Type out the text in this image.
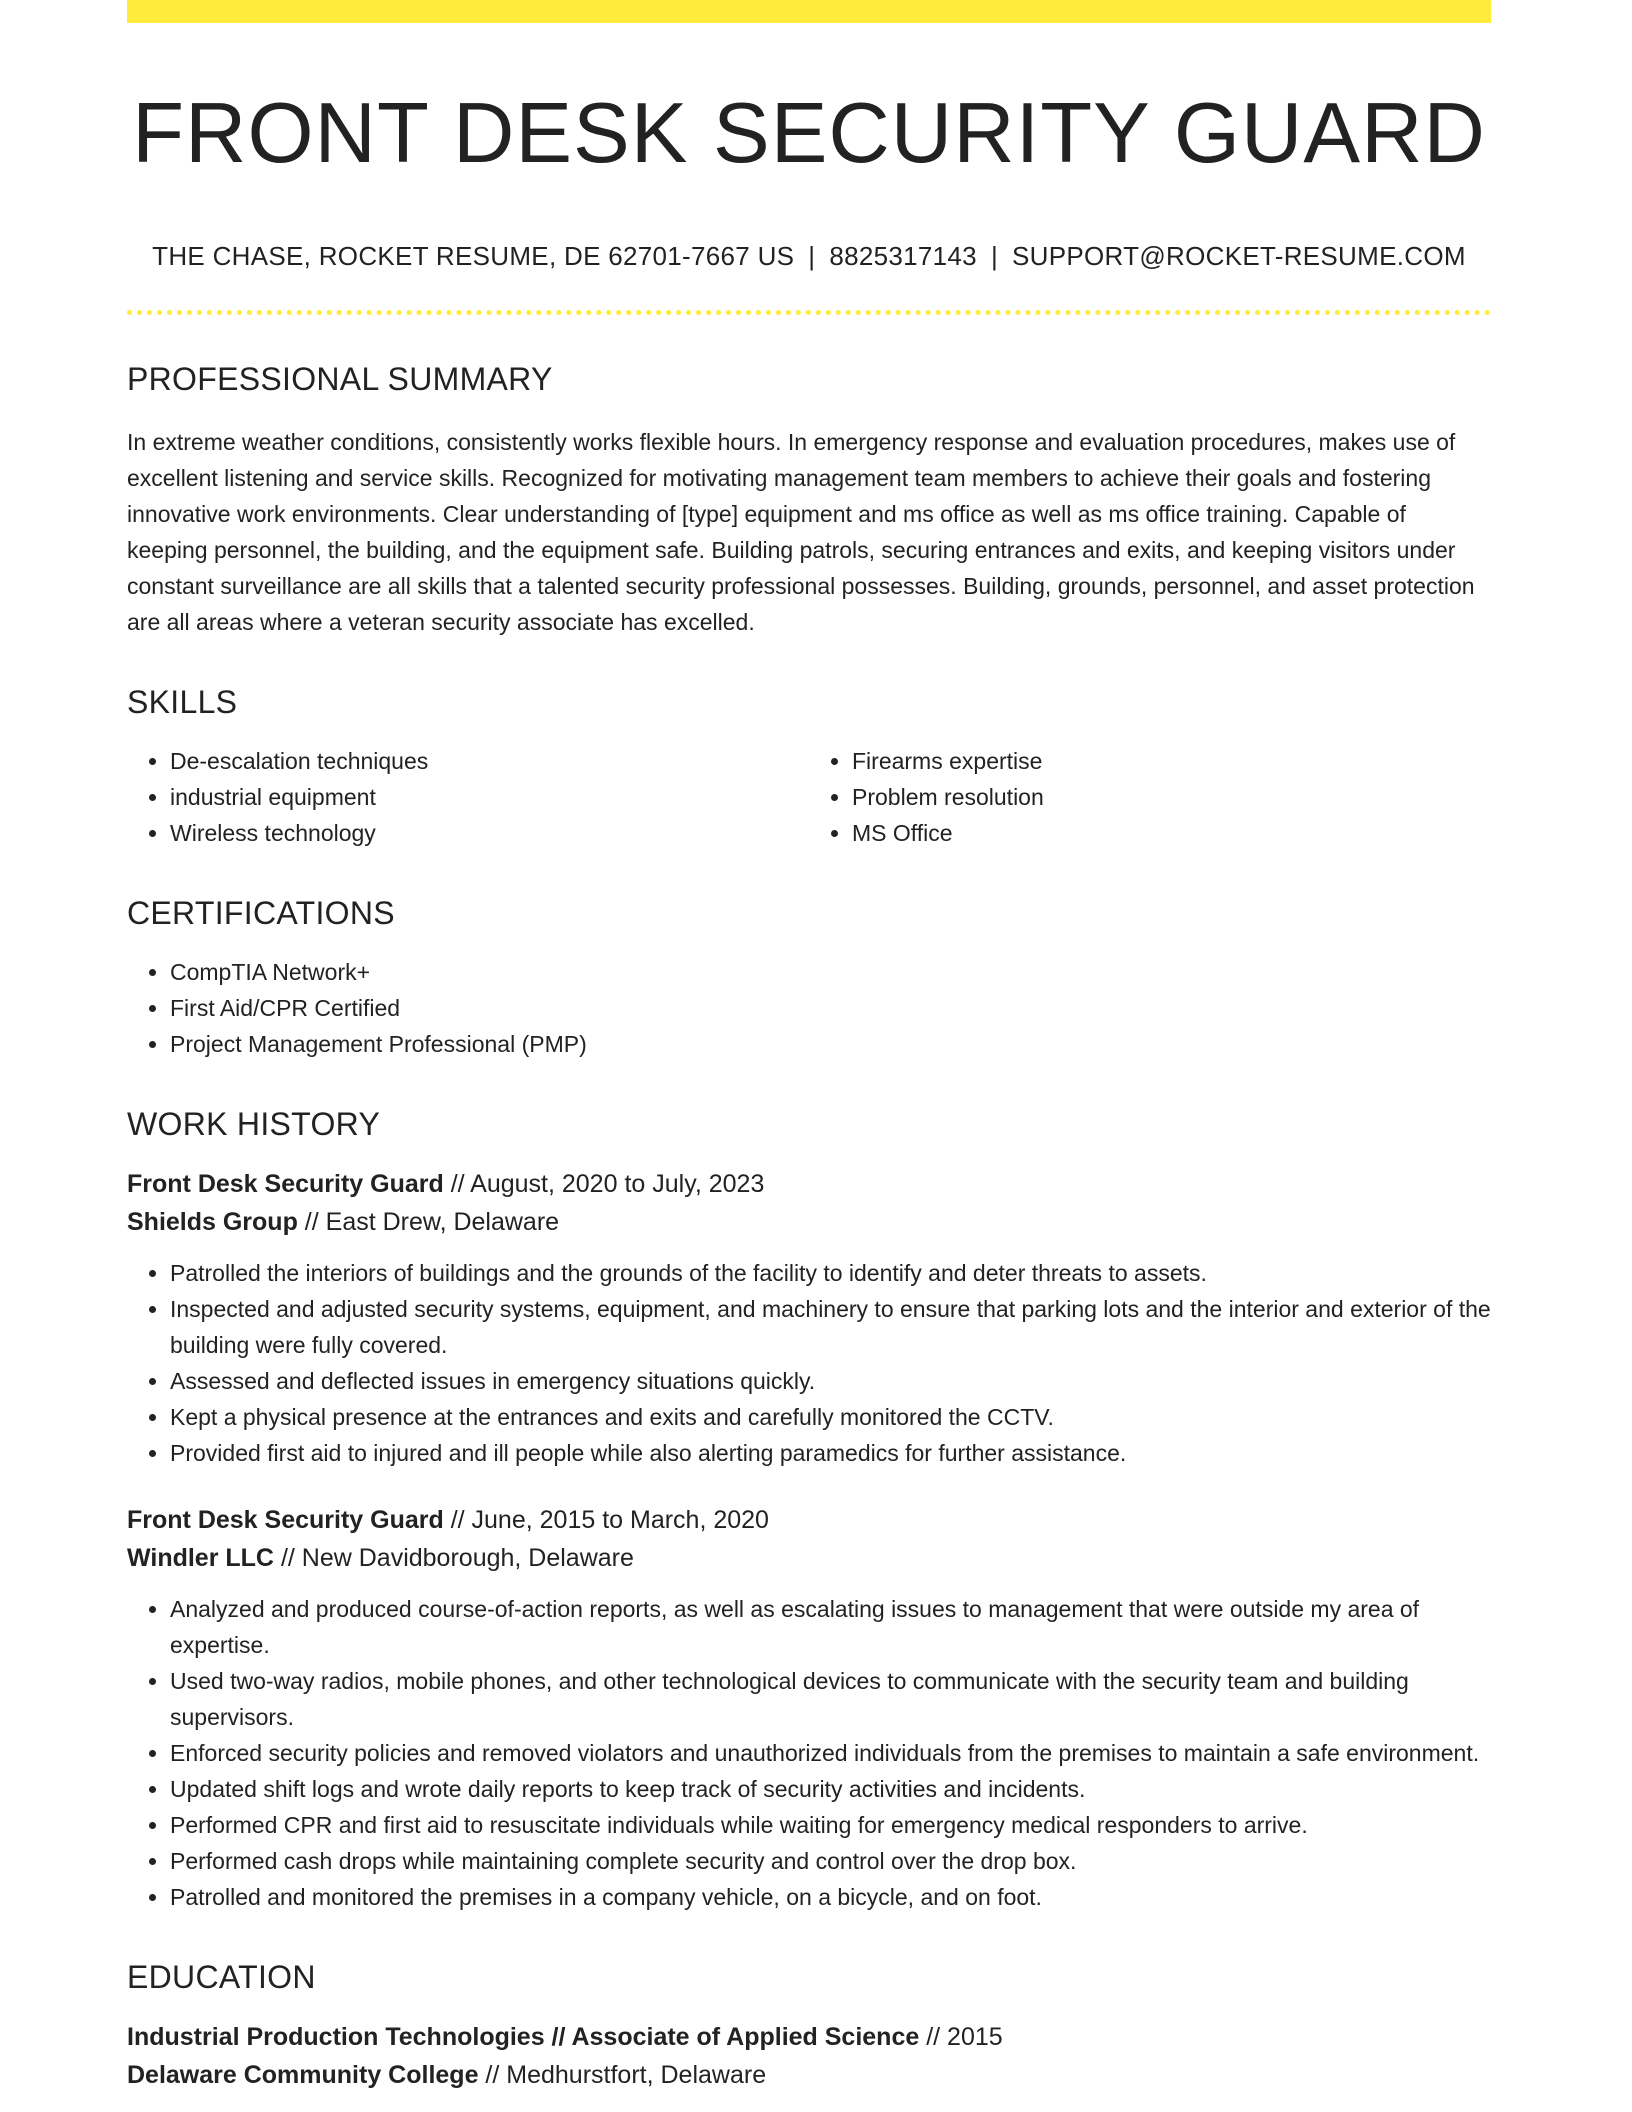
FRONT DESK SECURITY GUARD
THE CHASE, ROCKET RESUME, DE 62701-7667 US | 8825317143 | SUPPORT@ROCKET-RESUME.COM
PROFESSIONAL SUMMARY

In extreme weather conditions, consistently works flexible hours. In emergency response and evaluation procedures, makes use of excellent listening and service skills. Recognized for motivating management team members to achieve their goals and fostering innovative work environments. Clear understanding of [type] equipment and ms office as well as ms office training. Capable of keeping personnel, the building, and the equipment safe. Building patrols, securing entrances and exits, and keeping visitors under constant surveillance are all skills that a talented security professional possesses. Building, grounds, personnel, and asset protection are all areas where a veteran security associate has excelled.

SKILLS
• De-escalation techniques
• industrial equipment
• Wireless technology
• Firearms expertise
• Problem resolution
• MS Office
CERTIFICATIONS
• CompTIA Network+
• First Aid/CPR Certified
• Project Management Professional (PMP)
WORK HISTORY
Front Desk Security Guard // August, 2020 to July, 2023
Shields Group // East Drew, Delaware
• Patrolled the interiors of buildings and the grounds of the facility to identify and deter threats to assets.
• Inspected and adjusted security systems, equipment, and machinery to ensure that parking lots and the interior and exterior of the building were fully covered.
• Assessed and deflected issues in emergency situations quickly.
• Kept a physical presence at the entrances and exits and carefully monitored the CCTV.
• Provided first aid to injured and ill people while also alerting paramedics for further assistance.
Front Desk Security Guard // June, 2015 to March, 2020
Windler LLC // New Davidborough, Delaware
• Analyzed and produced course-of-action reports, as well as escalating issues to management that were outside my area of expertise.
• Used two-way radios, mobile phones, and other technological devices to communicate with the security team and building supervisors.
• Enforced security policies and removed violators and unauthorized individuals from the premises to maintain a safe environment.
• Updated shift logs and wrote daily reports to keep track of security activities and incidents.
• Performed CPR and first aid to resuscitate individuals while waiting for emergency medical responders to arrive.
• Performed cash drops while maintaining complete security and control over the drop box.
• Patrolled and monitored the premises in a company vehicle, on a bicycle, and on foot.
EDUCATION
Industrial Production Technologies // Associate of Applied Science // 2015
Delaware Community College // Medhurstfort, Delaware
